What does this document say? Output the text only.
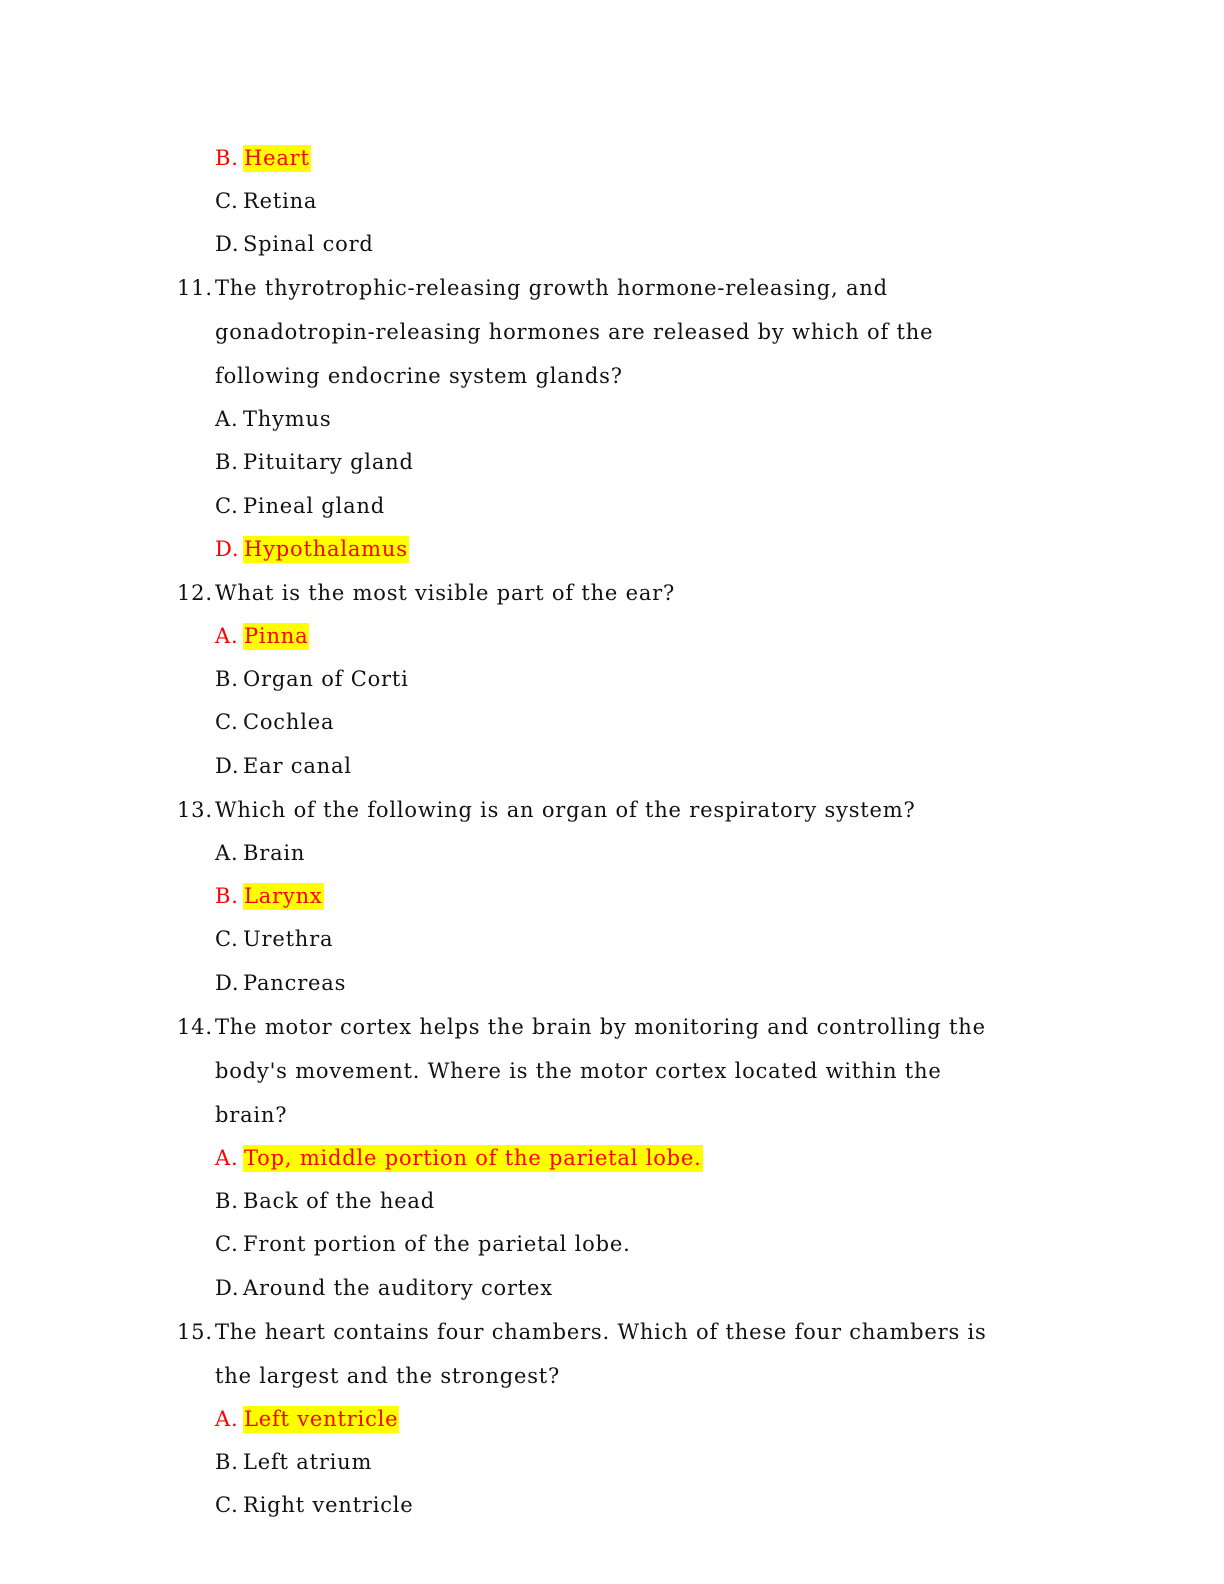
B. Heart
C. Retina
D. Spinal cord
11. The thyrotrophic-releasing growth hormone-releasing, and
gonadotropin-releasing hormones are released by which of the
following endocrine system glands?
A. Thymus
B. Pituitary gland
C. Pineal gland
D. Hypothalamus
12. What is the most visible part of the ear?
A. Pinna
B. Organ of Corti
C. Cochlea
D. Ear canal
13. Which of the following is an organ of the respiratory system?
A. Brain
B. Larynx
C. Urethra
D. Pancreas
14. The motor cortex helps the brain by monitoring and controlling the
body's movement. Where is the motor cortex located within the
brain?
A. Top, middle portion of the parietal lobe.
B. Back of the head
C. Front portion of the parietal lobe.
D. Around the auditory cortex
15. The heart contains four chambers. Which of these four chambers is
the largest and the strongest?
A. Left ventricle
B. Left atrium
C. Right ventricle
